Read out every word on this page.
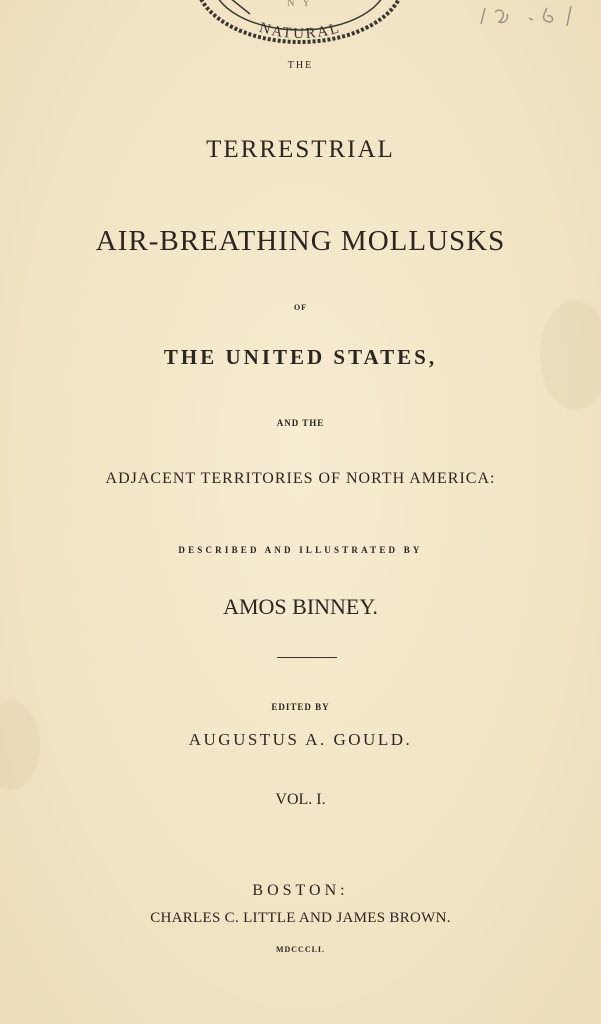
NATURAL
N Y
THE
TERRESTRIAL
AIR-BREATHING MOLLUSKS
OF
THE UNITED STATES,
AND THE
ADJACENT TERRITORIES OF NORTH AMERICA:
DESCRIBED AND ILLUSTRATED BY
AMOS BINNEY.
EDITED BY
AUGUSTUS A. GOULD.
VOL. I.
BOSTON:
CHARLES C. LITTLE AND JAMES BROWN.
MDCCCLI.
